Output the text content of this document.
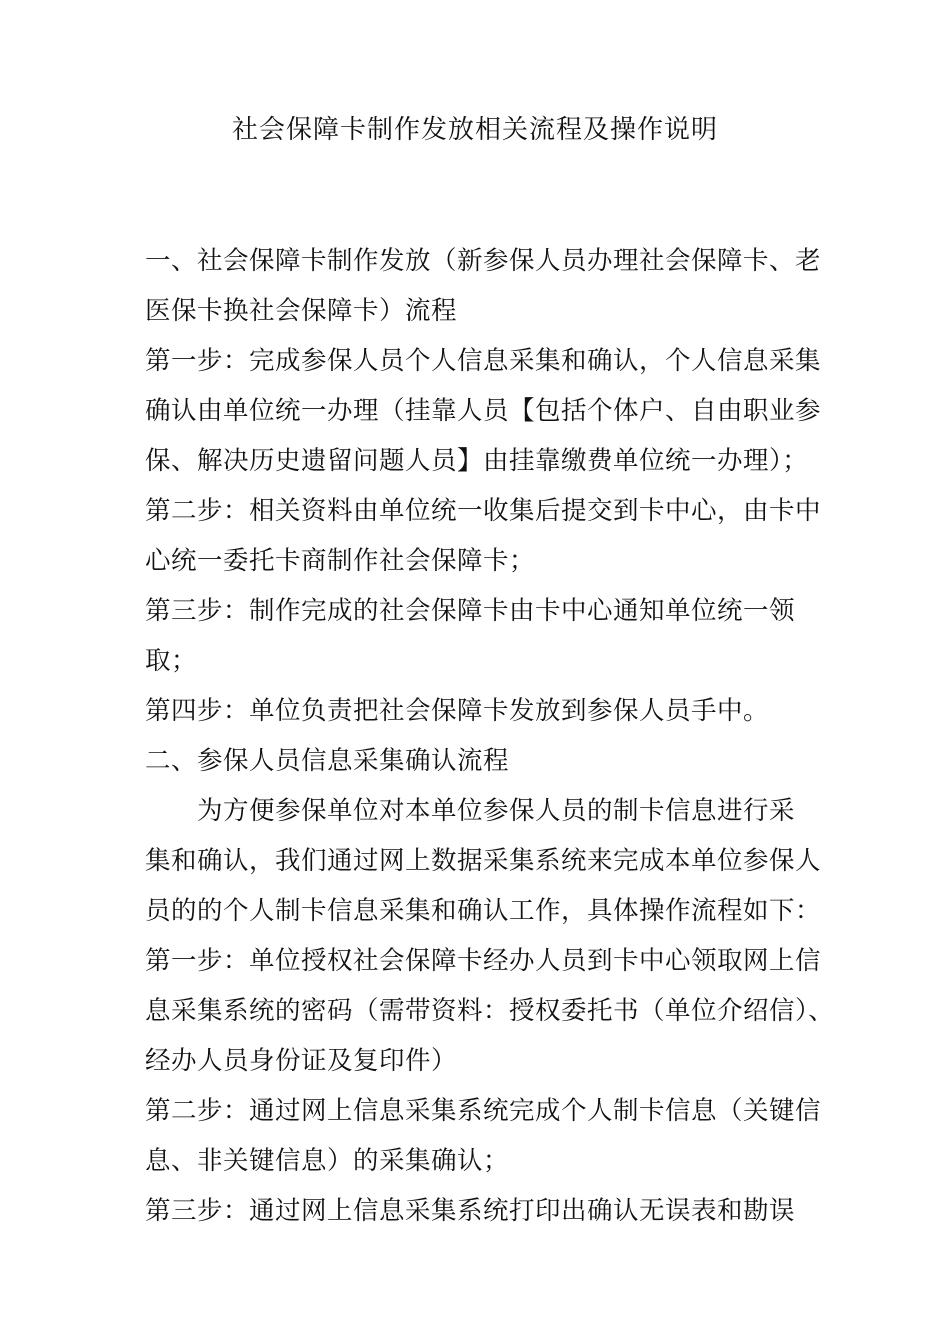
社会保障卡制作发放相关流程及操作说明
一、社会保障卡制作发放（新参保人员办理社会保障卡、老
医保卡换社会保障卡）流程
第一步：完成参保人员个人信息采集和确认，个人信息采集
确认由单位统一办理（挂靠人员【包括个体户、自由职业参
保、解决历史遗留问题人员】由挂靠缴费单位统一办理）；
第二步：相关资料由单位统一收集后提交到卡中心，由卡中
心统一委托卡商制作社会保障卡；
第三步：制作完成的社会保障卡由卡中心通知单位统一领
取；
第四步：单位负责把社会保障卡发放到参保人员手中。
二、参保人员信息采集确认流程
为方便参保单位对本单位参保人员的制卡信息进行采
集和确认，我们通过网上数据采集系统来完成本单位参保人
员的的个人制卡信息采集和确认工作，具体操作流程如下：
第一步：单位授权社会保障卡经办人员到卡中心领取网上信
息采集系统的密码（需带资料：授权委托书（单位介绍信）、
经办人员身份证及复印件）
第二步：通过网上信息采集系统完成个人制卡信息（关键信
息、非关键信息）的采集确认；
第三步：通过网上信息采集系统打印出确认无误表和勘误
